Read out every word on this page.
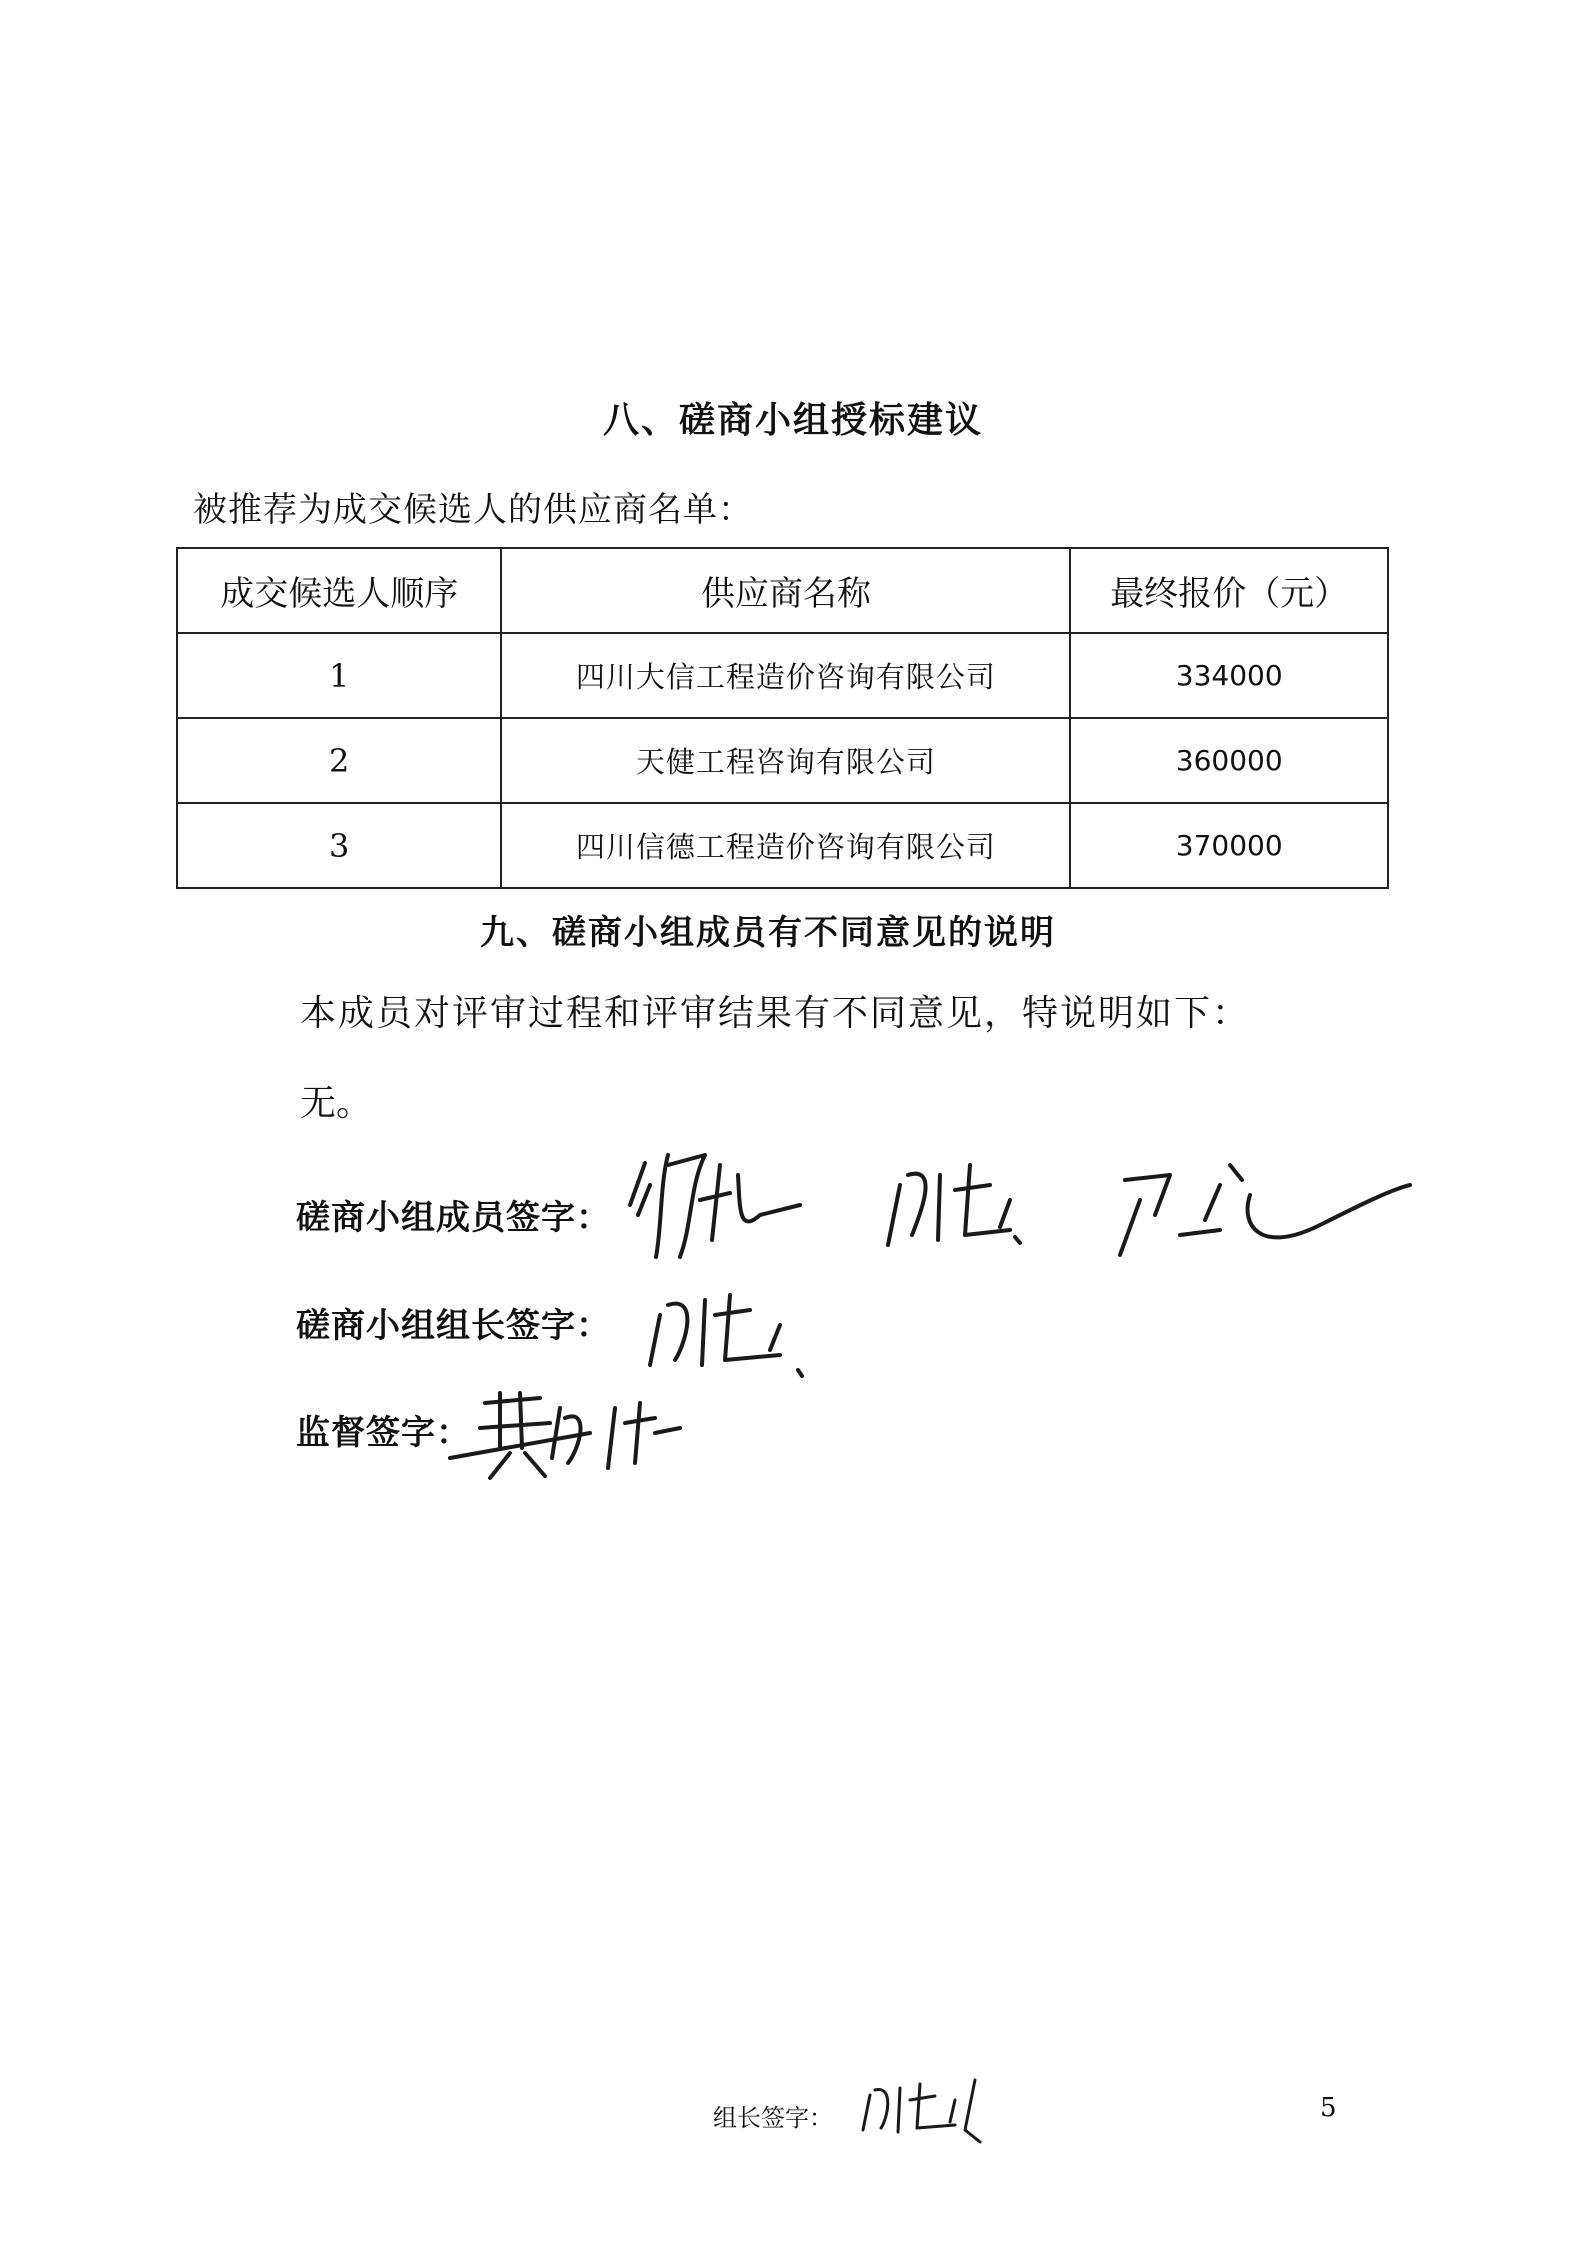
八、磋商小组授标建议
被推荐为成交候选人的供应商名单：
成交候选人顺序	供应商名称	最终报价（元）
1	四川大信工程造价咨询有限公司	334000
2	天健工程咨询有限公司	360000
3	四川信德工程造价咨询有限公司	370000
九、磋商小组成员有不同意见的说明
本成员对评审过程和评审结果有不同意见，特说明如下：
无。
磋商小组成员签字：
磋商小组组长签字：
监督签字：
组长签字：	5
